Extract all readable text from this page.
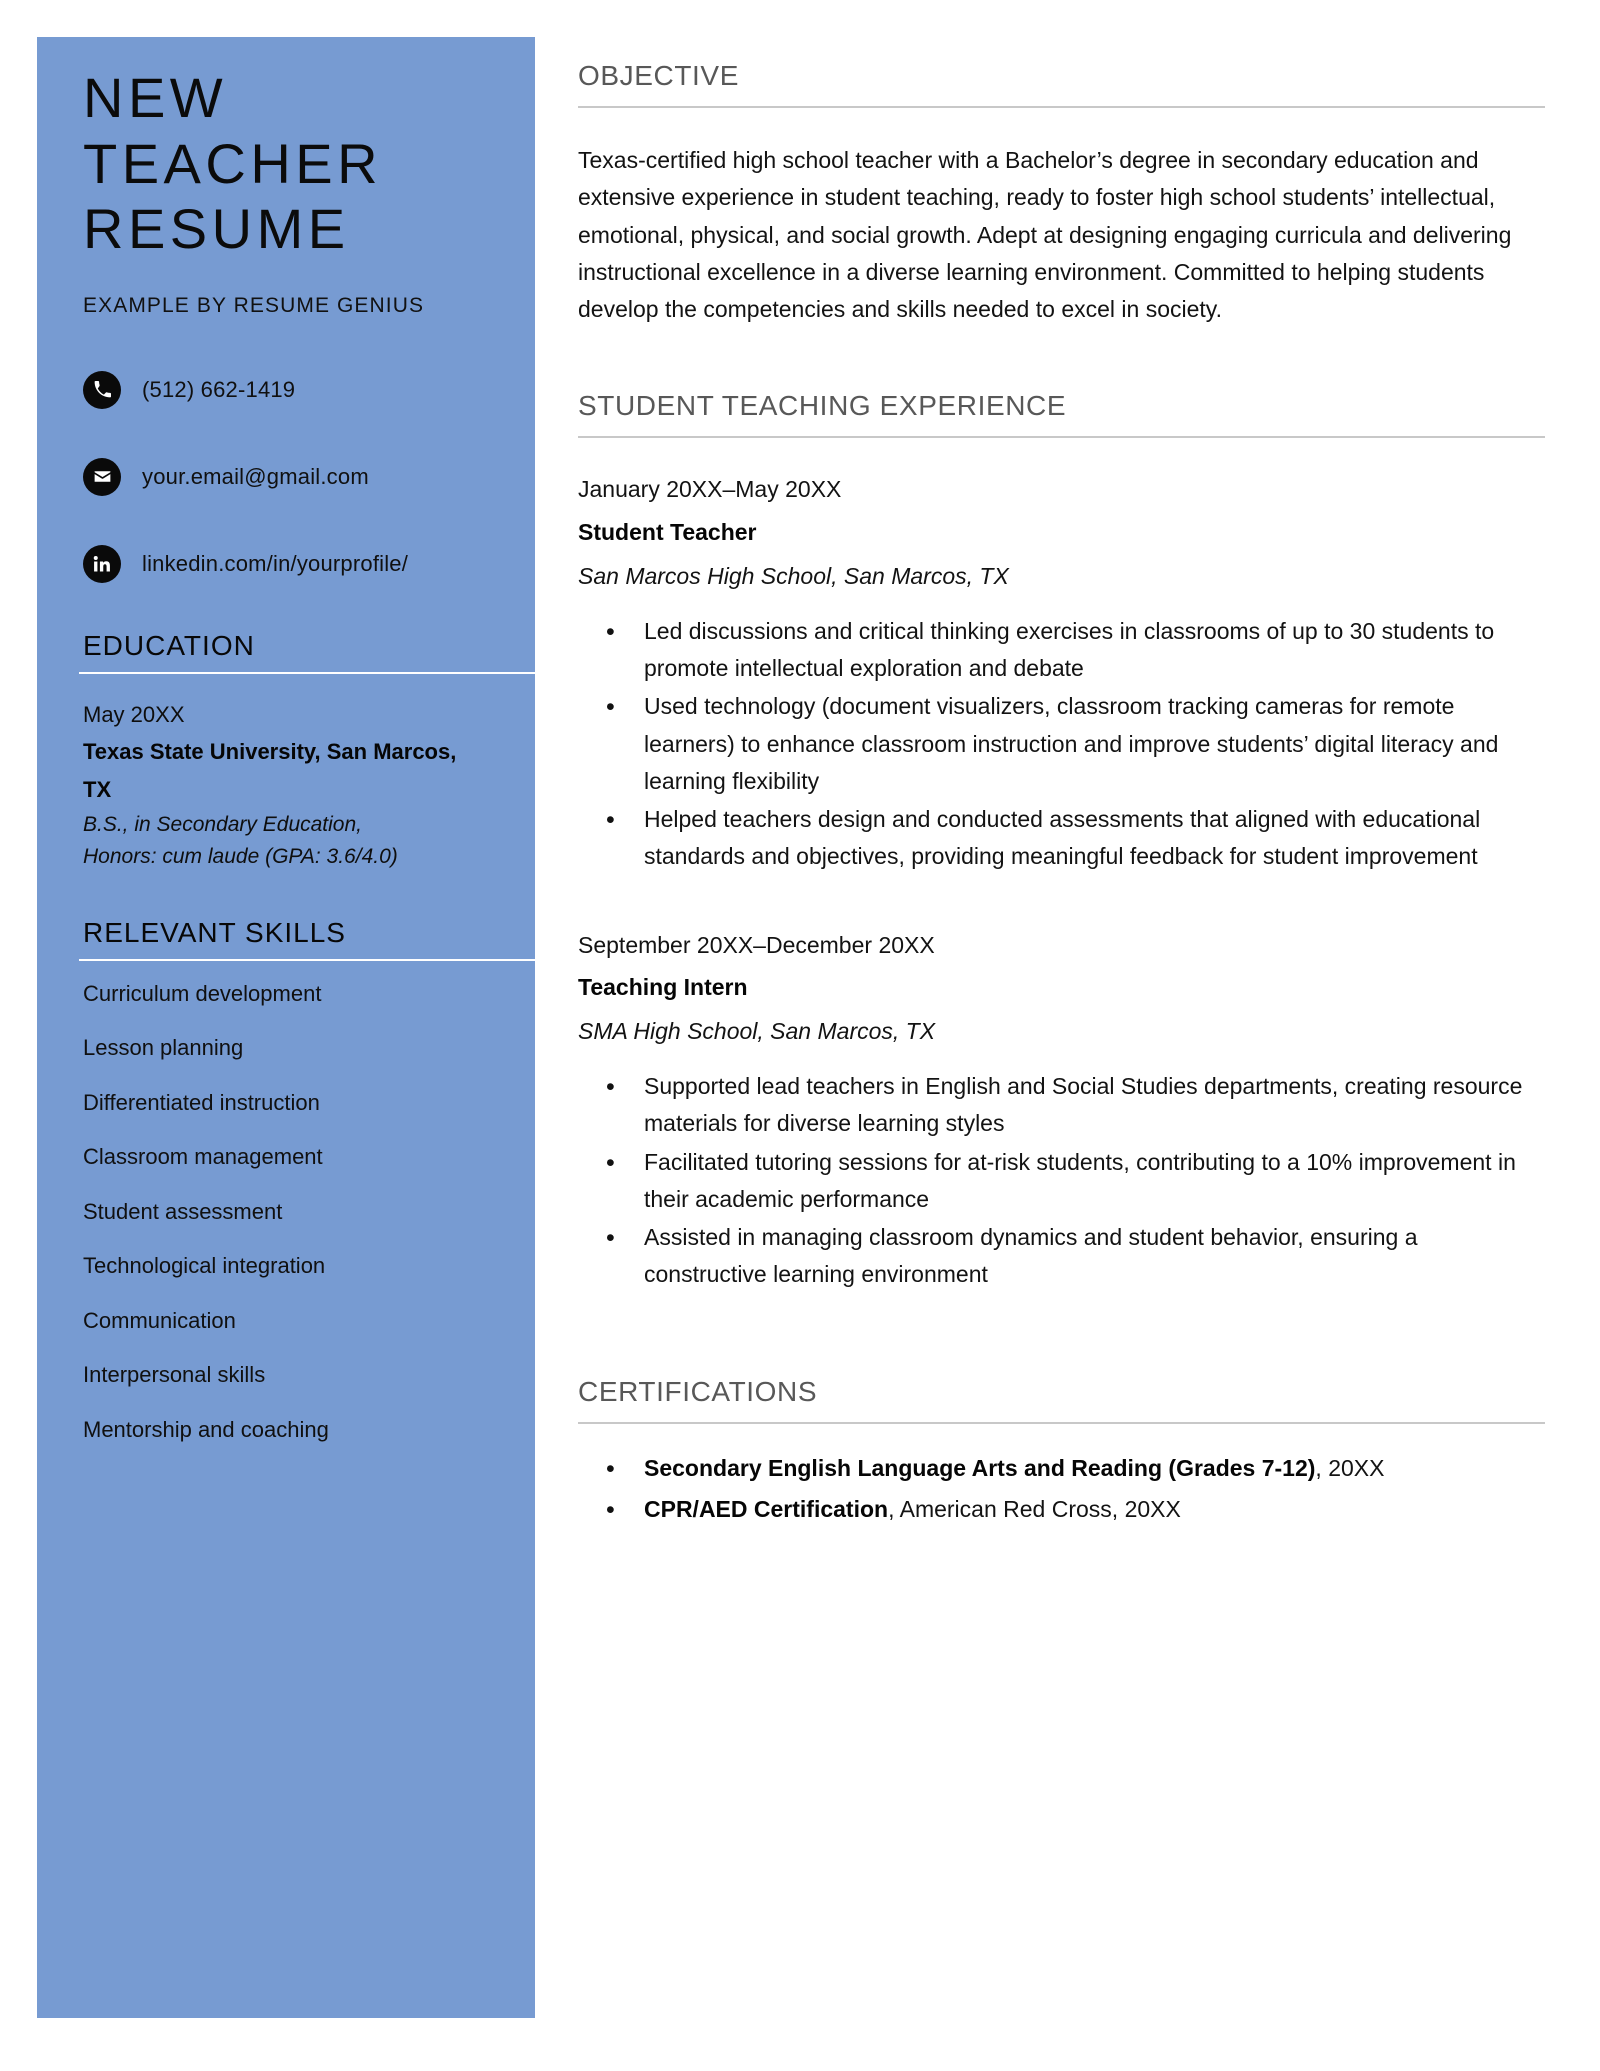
NEW
TEACHER
RESUME
EXAMPLE BY RESUME GENIUS
(512) 662-1419
your.email@gmail.com
linkedin.com/in/yourprofile/
EDUCATION
May 20XX
Texas State University, San Marcos, TX
B.S., in Secondary Education,
Honors: cum laude (GPA: 3.6/4.0)
RELEVANT SKILLS
Curriculum development
Lesson planning
Differentiated instruction
Classroom management
Student assessment
Technological integration
Communication
Interpersonal skills
Mentorship and coaching
OBJECTIVE
Texas-certified high school teacher with a Bachelor’s degree in secondary education and extensive experience in student teaching, ready to foster high school students’ intellectual, emotional, physical, and social growth. Adept at designing engaging curricula and delivering instructional excellence in a diverse learning environment. Committed to helping students develop the competencies and skills needed to excel in society.
STUDENT TEACHING EXPERIENCE
January 20XX–May 20XX
Student Teacher
San Marcos High School, San Marcos, TX
• Led discussions and critical thinking exercises in classrooms of up to 30 students to promote intellectual exploration and debate
• Used technology (document visualizers, classroom tracking cameras for remote learners) to enhance classroom instruction and improve students’ digital literacy and learning flexibility
• Helped teachers design and conducted assessments that aligned with educational standards and objectives, providing meaningful feedback for student improvement
September 20XX–December 20XX
Teaching Intern
SMA High School, San Marcos, TX
• Supported lead teachers in English and Social Studies departments, creating resource materials for diverse learning styles
• Facilitated tutoring sessions for at-risk students, contributing to a 10% improvement in their academic performance
• Assisted in managing classroom dynamics and student behavior, ensuring a constructive learning environment
CERTIFICATIONS
• Secondary English Language Arts and Reading (Grades 7-12), 20XX
• CPR/AED Certification, American Red Cross, 20XX
